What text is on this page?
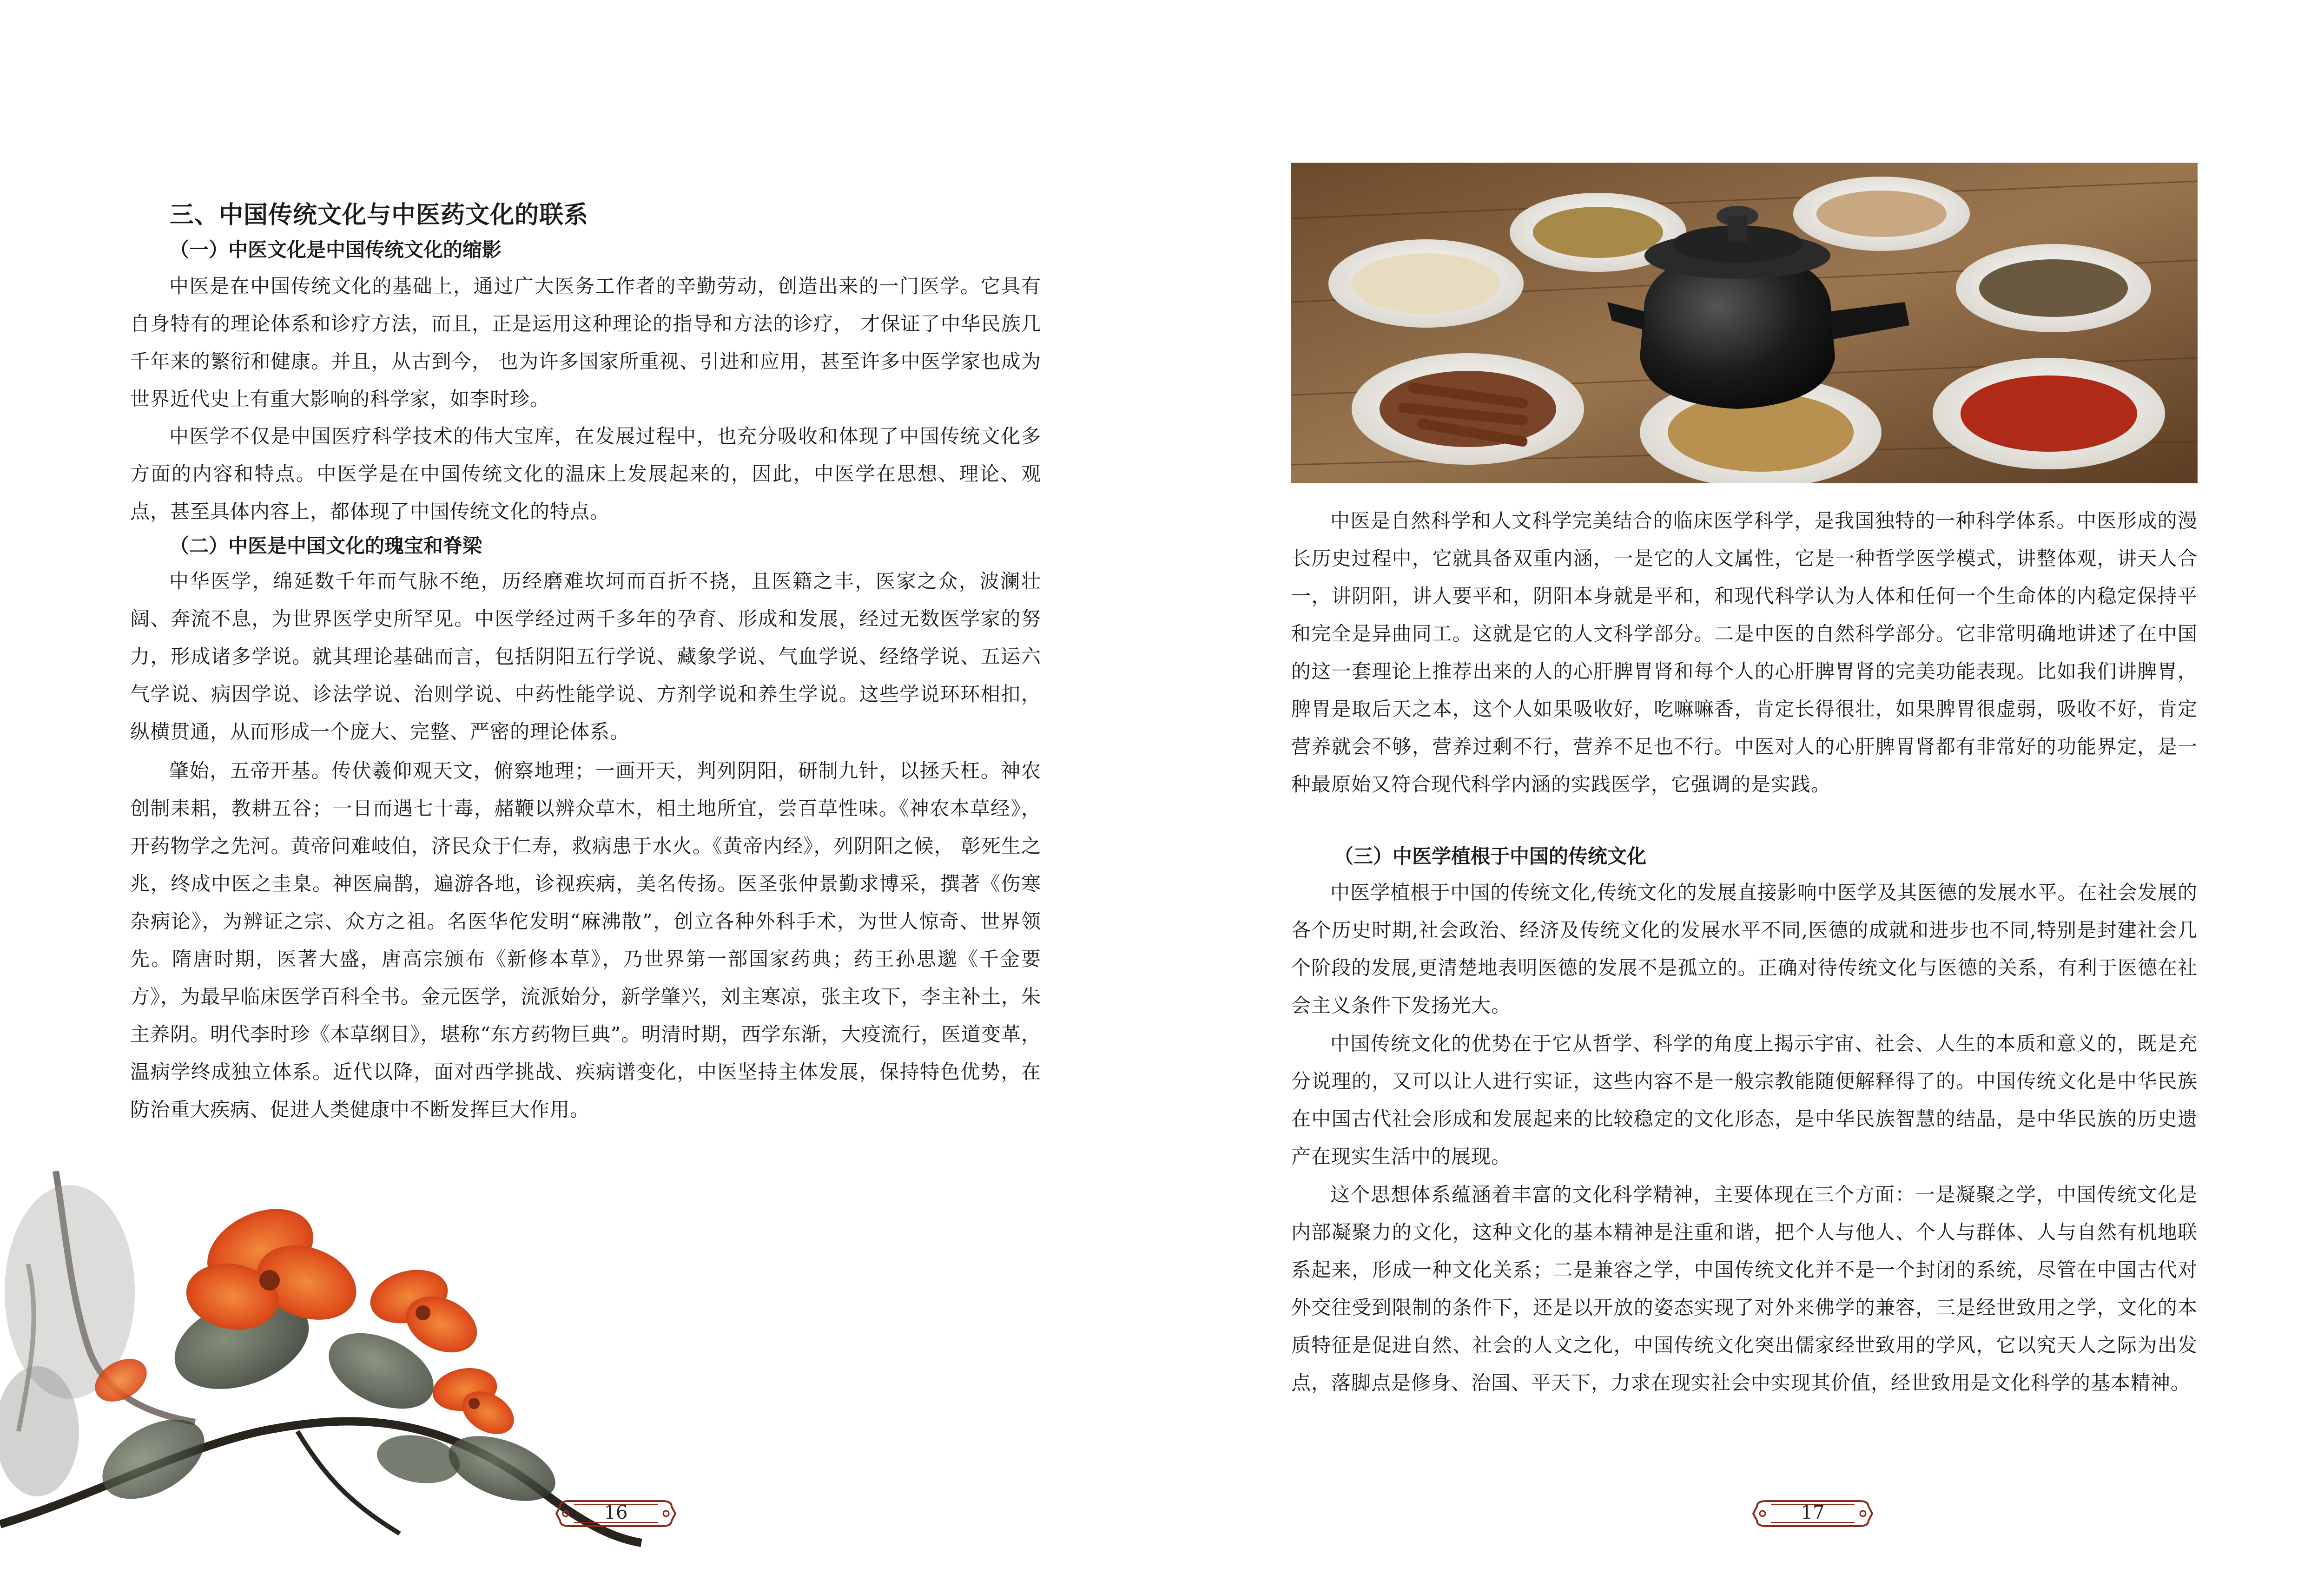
三、中国传统文化与中医药文化的联系
（一）中医文化是中国传统文化的缩影

中医是在中国传统文化的基础上，通过广大医务工作者的辛勤劳动，创造出来的一门医学。它具有自身特有的理论体系和诊疗方法，而且，正是运用这种理论的指导和方法的诊疗， 才保证了中华民族几千年来的繁衍和健康。并且，从古到今， 也为许多国家所重视、引进和应用，甚至许多中医学家也成为世界近代史上有重大影响的科学家，如李时珍。

中医学不仅是中国医疗科学技术的伟大宝库，在发展过程中，也充分吸收和体现了中国传统文化多方面的内容和特点。中医学是在中国传统文化的温床上发展起来的，因此，中医学在思想、理论、观点，甚至具体内容上，都体现了中国传统文化的特点。

（二）中医是中国文化的瑰宝和脊梁

中华医学，绵延数千年而气脉不绝，历经磨难坎坷而百折不挠，且医籍之丰，医家之众，波澜壮阔、奔流不息，为世界医学史所罕见。中医学经过两千多年的孕育、形成和发展，经过无数医学家的努力，形成诸多学说。就其理论基础而言，包括阴阳五行学说、藏象学说、气血学说、经络学说、五运六气学说、病因学说、诊法学说、治则学说、中药性能学说、方剂学说和养生学说。这些学说环环相扣，纵横贯通，从而形成一个庞大、完整、严密的理论体系。

肇始，五帝开基。传伏羲仰观天文，俯察地理；一画开天，判列阴阳，研制九针，以拯夭枉。神农创制耒耜，教耕五谷；一日而遇七十毒，赭鞭以辨众草木，相土地所宜，尝百草性味。《神农本草经》，开药物学之先河。黄帝问难岐伯，济民众于仁寿，救病患于水火。《黄帝内经》，列阴阳之候， 彰死生之兆，终成中医之圭臬。神医扁鹊，遍游各地，诊视疾病，美名传扬。医圣张仲景勤求博采，撰著《伤寒杂病论》，为辨证之宗、众方之祖。名医华佗发明“麻沸散”，创立各种外科手术，为世人惊奇、世界领先。隋唐时期，医著大盛，唐高宗颁布《新修本草》，乃世界第一部国家药典；药王孙思邈《千金要方》，为最早临床医学百科全书。金元医学，流派始分，新学肇兴，刘主寒凉，张主攻下，李主补土，朱主养阴。明代李时珍《本草纲目》，堪称“东方药物巨典”。明清时期，西学东渐，大疫流行，医道变革，温病学终成独立体系。近代以降，面对西学挑战、疾病谱变化，中医坚持主体发展，保持特色优势，在防治重大疾病、促进人类健康中不断发挥巨大作用。

16
中医是自然科学和人文科学完美结合的临床医学科学，是我国独特的一种科学体系。中医形成的漫长历史过程中，它就具备双重内涵，一是它的人文属性，它是一种哲学医学模式，讲整体观，讲天人合一，讲阴阳，讲人要平和，阴阳本身就是平和，和现代科学认为人体和任何一个生命体的内稳定保持平和完全是异曲同工。这就是它的人文科学部分。二是中医的自然科学部分。它非常明确地讲述了在中国的这一套理论上推荐出来的人的心肝脾胃肾和每个人的心肝脾胃肾的完美功能表现。比如我们讲脾胃，脾胃是取后天之本，这个人如果吸收好，吃嘛嘛香，肯定长得很壮，如果脾胃很虚弱，吸收不好，肯定营养就会不够，营养过剩不行，营养不足也不行。中医对人的心肝脾胃肾都有非常好的功能界定，是一种最原始又符合现代科学内涵的实践医学，它强调的是实践。
（三）中医学植根于中国的传统文化
中医学植根于中国的传统文化,传统文化的发展直接影响中医学及其医德的发展水平。在社会发展的各个历史时期,社会政治、经济及传统文化的发展水平不同,医德的成就和进步也不同,特别是封建社会几个阶段的发展,更清楚地表明医德的发展不是孤立的。正确对待传统文化与医德的关系，有利于医德在社会主义条件下发扬光大。
中国传统文化的优势在于它从哲学、科学的角度上揭示宇宙、社会、人生的本质和意义的，既是充分说理的，又可以让人进行实证，这些内容不是一般宗教能随便解释得了的。中国传统文化是中华民族在中国古代社会形成和发展起来的比较稳定的文化形态，是中华民族智慧的结晶，是中华民族的历史遗产在现实生活中的展现。
这个思想体系蕴涵着丰富的文化科学精神，主要体现在三个方面：一是凝聚之学，中国传统文化是内部凝聚力的文化，这种文化的基本精神是注重和谐，把个人与他人、个人与群体、人与自然有机地联系起来，形成一种文化关系；二是兼容之学，中国传统文化并不是一个封闭的系统，尽管在中国古代对外交往受到限制的条件下，还是以开放的姿态实现了对外来佛学的兼容，三是经世致用之学，文化的本质特征是促进自然、社会的人文之化，中国传统文化突出儒家经世致用的学风，它以究天人之际为出发点，落脚点是修身、治国、平天下，力求在现实社会中实现其价值，经世致用是文化科学的基本精神。
17
